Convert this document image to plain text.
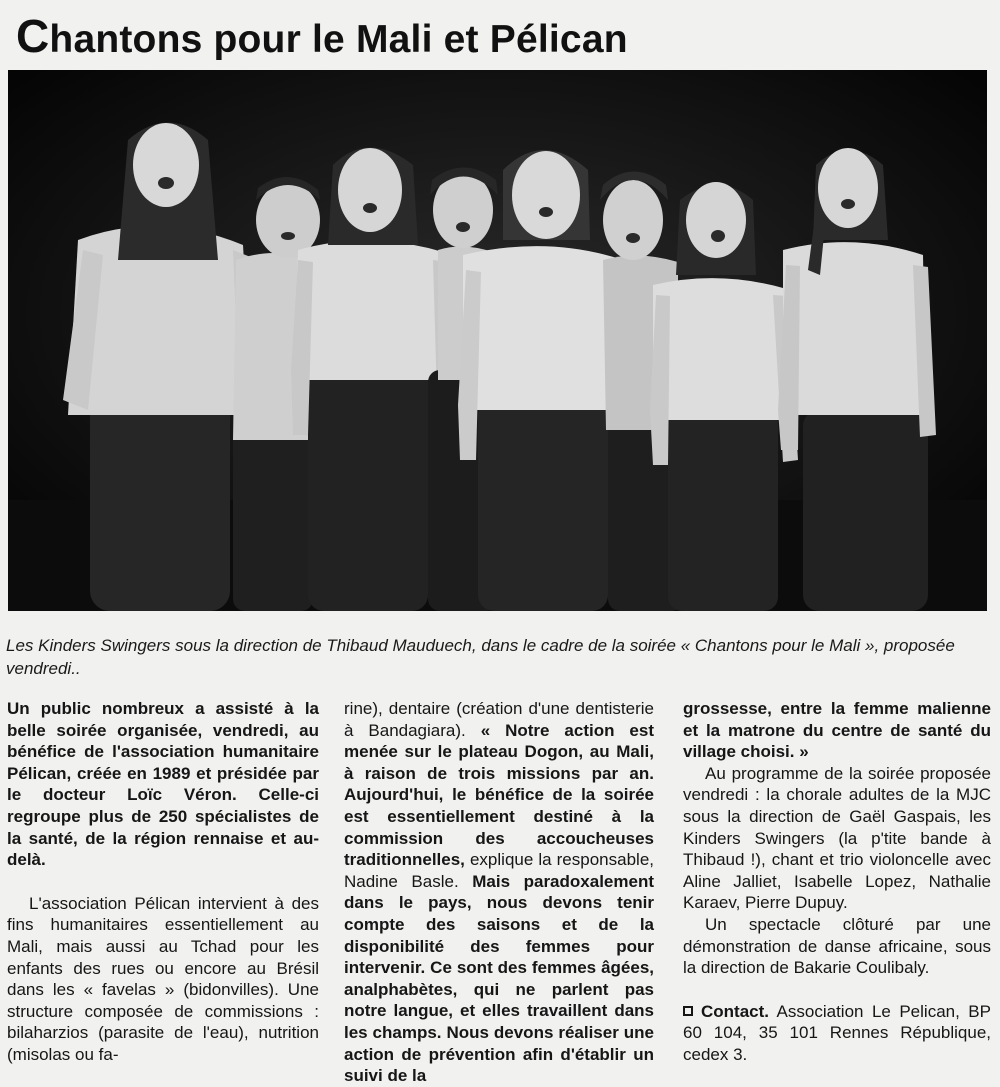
Chantons pour le Mali et Pélican

Les Kinders Swingers sous la direction de Thibaud Mauduech, dans le cadre de la soirée « Chantons pour le Mali », proposée vendredi..

Un public nombreux a assisté à la belle soirée organisée, vendredi, au bénéfice de l'association humanitaire Pélican, créée en 1989 et présidée par le docteur Loïc Véron. Celle-ci regroupe plus de 250 spécialistes de la santé, de la région rennaise et au-delà.

L'association Pélican intervient à des fins humanitaires essentiellement au Mali, mais aussi au Tchad pour les enfants des rues ou encore au Brésil dans les « favelas » (bidonvilles). Une structure composée de commissions : bilaharzios (parasite de l'eau), nutrition (misolas ou fa-

rine), dentaire (création d'une dentisterie à Bandagiara). « Notre action est menée sur le plateau Dogon, au Mali, à raison de trois missions par an. Aujourd'hui, le bénéfice de la soirée est essentiellement destiné à la commission des accoucheuses traditionnelles, explique la responsable, Nadine Basle. Mais paradoxalement dans le pays, nous devons tenir compte des saisons et de la disponibilité des femmes pour intervenir. Ce sont des femmes âgées, analphabètes, qui ne parlent pas notre langue, et elles travaillent dans les champs. Nous devons réaliser une action de prévention afin d'établir un suivi de la

grossesse, entre la femme malienne et la matrone du centre de santé du village choisi. »

Au programme de la soirée proposée vendredi : la chorale adultes de la MJC sous la direction de Gaël Gaspais, les Kinders Swingers (la p'tite bande à Thibaud !), chant et trio violoncelle avec Aline Jalliet, Isabelle Lopez, Nathalie Karaev, Pierre Dupuy.

Un spectacle clôturé par une démonstration de danse africaine, sous la direction de Bakarie Coulibaly.

Contact. Association Le Pelican, BP 60 104, 35 101 Rennes République, cedex 3.
